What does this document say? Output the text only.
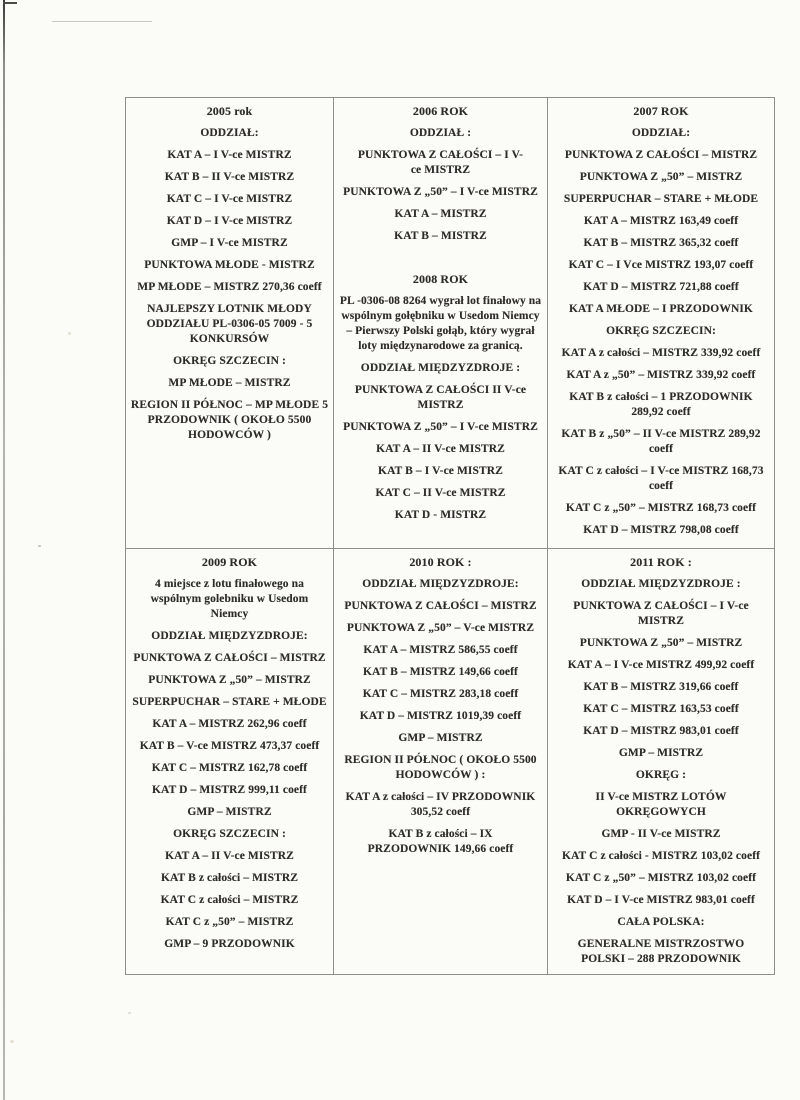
2005 rok

ODDZIAŁ:

KAT A – I V-ce MISTRZ

KAT B – II V-ce MISTRZ

KAT C – I V-ce MISTRZ

KAT D – I V-ce MISTRZ

GMP – I V-ce MISTRZ

PUNKTOWA MŁODE - MISTRZ

MP MŁODE – MISTRZ 270,36 coeff

NAJLEPSZY LOTNIK MŁODY ODDZIAŁU PL-0306-05 7009 - 5 KONKURSÓW

OKRĘG SZCZECIN :

MP MŁODE – MISTRZ

REGION II PÓŁNOC – MP MŁODE 5 PRZODOWNIK ( OKOŁO 5500 HODOWCÓW )

2006 ROK

ODDZIAŁ :

PUNKTOWA Z CAŁOŚCI – I V-ce MISTRZ

PUNKTOWA Z „50” – I V-ce MISTRZ

KAT A – MISTRZ

KAT B – MISTRZ

2008 ROK

PL -0306-08 8264 wygrał lot finałowy na wspólnym gołębniku w Usedom Niemcy – Pierwszy Polski gołąb, który wygrał loty międzynarodowe za granicą.

ODDZIAŁ MIĘDZYZDROJE :

PUNKTOWA Z CAŁOŚCI II V-ce MISTRZ

PUNKTOWA Z „50” – I V-ce MISTRZ

KAT A – II V-ce MISTRZ

KAT B – I V-ce MISTRZ

KAT C – II V-ce MISTRZ

KAT D - MISTRZ

2007 ROK

ODDZIAŁ:

PUNKTOWA Z CAŁOŚCI – MISTRZ

PUNKTOWA Z „50” – MISTRZ

SUPERPUCHAR – STARE + MŁODE

KAT A – MISTRZ 163,49 coeff

KAT B – MISTRZ 365,32 coeff

KAT C – I Vce MISTRZ 193,07 coeff

KAT D – MISTRZ 721,88 coeff

KAT A MŁODE – I PRZODOWNIK

OKRĘG SZCZECIN:

KAT A z całości – MISTRZ 339,92 coeff

KAT A z „50” – MISTRZ 339,92 coeff

KAT B z całości – 1 PRZODOWNIK 289,92 coeff

KAT B z „50” – II V-ce MISTRZ 289,92 coeff

KAT C z całości – I V-ce MISTRZ 168,73 coeff

KAT C z „50” – MISTRZ 168,73 coeff

KAT D – MISTRZ 798,08 coeff

2009 ROK

4 miejsce z lotu finałowego na wspólnym golebniku w Usedom Niemcy

ODDZIAŁ MIĘDZYZDROJE:

PUNKTOWA Z CAŁOŚCI – MISTRZ

PUNKTOWA Z „50” – MISTRZ

SUPERPUCHAR – STARE + MŁODE

KAT A – MISTRZ 262,96 coeff

KAT B – V-ce MISTRZ 473,37 coeff

KAT C – MISTRZ 162,78 coeff

KAT D – MISTRZ 999,11 coeff

GMP – MISTRZ

OKRĘG SZCZECIN :

KAT A – II V-ce MISTRZ

KAT B z całości – MISTRZ

KAT C z całości – MISTRZ

KAT C z „50” – MISTRZ

GMP – 9 PRZODOWNIK

2010 ROK :

ODDZIAŁ MIĘDZYZDROJE:

PUNKTOWA Z CAŁOŚCI – MISTRZ

PUNKTOWA Z „50” – V-ce MISTRZ

KAT A – MISTRZ 586,55 coeff

KAT B – MISTRZ 149,66 coeff

KAT C – MISTRZ 283,18 coeff

KAT D – MISTRZ 1019,39 coeff

GMP – MISTRZ

REGION II PÓŁNOC ( OKOŁO 5500 HODOWCÓW ) :

KAT A z całości – IV PRZODOWNIK 305,52 coeff

KAT B z całości – IX PRZODOWNIK 149,66 coeff

2011 ROK :

ODDZIAŁ MIĘDZYZDROJE :

PUNKTOWA Z CAŁOŚCI – I V-ce MISTRZ

PUNKTOWA Z „50” – MISTRZ

KAT A – I V-ce MISTRZ 499,92 coeff

KAT B – MISTRZ 319,66 coeff

KAT C – MISTRZ 163,53 coeff

KAT D – MISTRZ 983,01 coeff

GMP – MISTRZ

OKRĘG :

II V-ce MISTRZ LOTÓW OKRĘGOWYCH

GMP - II V-ce MISTRZ

KAT C z całości - MISTRZ 103,02 coeff

KAT C z „50” – MISTRZ 103,02 coeff

KAT D – I V-ce MISTRZ 983,01 coeff

CAŁA POLSKA:

GENERALNE MISTRZOSTWO POLSKI – 288 PRZODOWNIK
